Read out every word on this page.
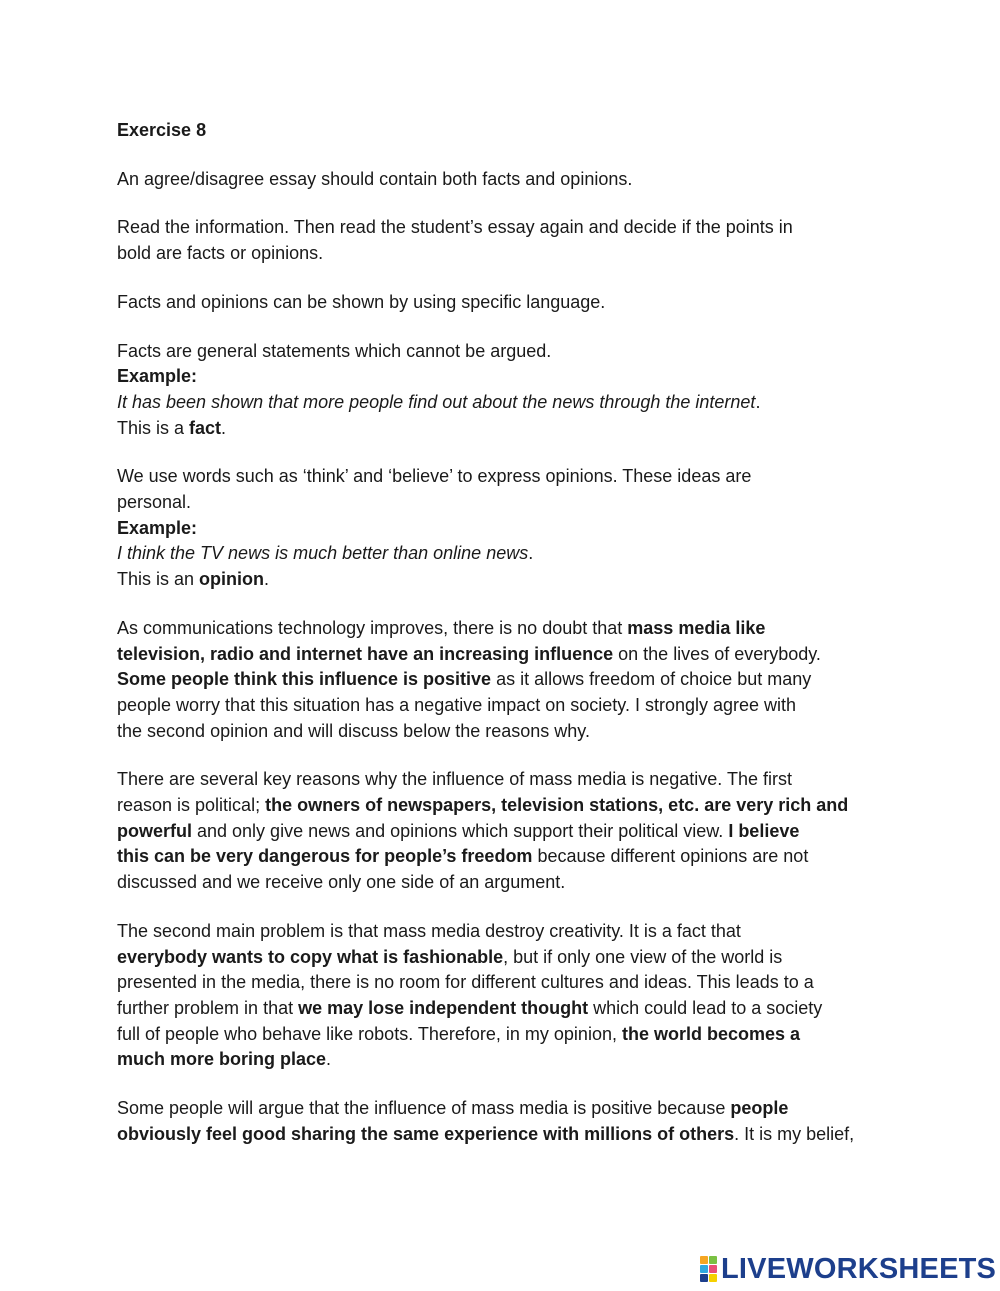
Exercise 8

An agree/disagree essay should contain both facts and opinions.

Read the information. Then read the student’s essay again and decide if the points in
bold are facts or opinions.

Facts and opinions can be shown by using specific language.

Facts are general statements which cannot be argued.
Example:
It has been shown that more people find out about the news through the internet.
This is a fact.

We use words such as ‘think’ and ‘believe’ to express opinions. These ideas are
personal.
Example:
I think the TV news is much better than online news.
This is an opinion.

As communications technology improves, there is no doubt that mass media like
television, radio and internet have an increasing influence on the lives of everybody.
Some people think this influence is positive as it allows freedom of choice but many
people worry that this situation has a negative impact on society. I strongly agree with
the second opinion and will discuss below the reasons why.

There are several key reasons why the influence of mass media is negative. The first
reason is political; the owners of newspapers, television stations, etc. are very rich and
powerful and only give news and opinions which support their political view. I believe
this can be very dangerous for people’s freedom because different opinions are not
discussed and we receive only one side of an argument.

The second main problem is that mass media destroy creativity. It is a fact that
everybody wants to copy what is fashionable, but if only one view of the world is
presented in the media, there is no room for different cultures and ideas. This leads to a
further problem in that we may lose independent thought which could lead to a society
full of people who behave like robots. Therefore, in my opinion, the world becomes a
much more boring place.

Some people will argue that the influence of mass media is positive because people
obviously feel good sharing the same experience with millions of others. It is my belief,

LIVEWORKSHEETS
